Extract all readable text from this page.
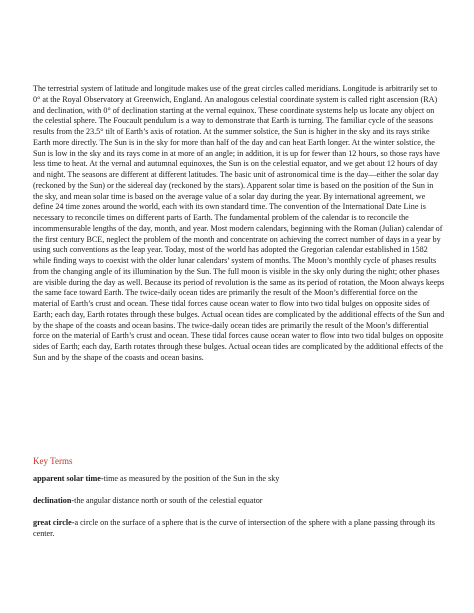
The terrestrial system of latitude and longitude makes use of the great circles called meridians. Longitude is arbitrarily set to 0° at the Royal Observatory at Greenwich, England. An analogous celestial coordinate system is called right ascension (RA) and declination, with 0° of declination starting at the vernal equinox. These coordinate systems help us locate any object on the celestial sphere. The Foucault pendulum is a way to demonstrate that Earth is turning. The familiar cycle of the seasons results from the 23.5° tilt of Earth’s axis of rotation. At the summer solstice, the Sun is higher in the sky and its rays strike Earth more directly. The Sun is in the sky for more than half of the day and can heat Earth longer. At the winter solstice, the Sun is low in the sky and its rays come in at more of an angle; in addition, it is up for fewer than 12 hours, so those rays have less time to heat. At the vernal and autumnal equinoxes, the Sun is on the celestial equator, and we get about 12 hours of day and night. The seasons are different at different latitudes. The basic unit of astronomical time is the day—either the solar day (reckoned by the Sun) or the sidereal day (reckoned by the stars). Apparent solar time is based on the position of the Sun in the sky, and mean solar time is based on the average value of a solar day during the year. By international agreement, we define 24 time zones around the world, each with its own standard time. The convention of the International Date Line is necessary to reconcile times on different parts of Earth. The fundamental problem of the calendar is to reconcile the incommensurable lengths of the day, month, and year. Most modern calendars, beginning with the Roman (Julian) calendar of the first century BCE, neglect the problem of the month and concentrate on achieving the correct number of days in a year by using such conventions as the leap year. Today, most of the world has adopted the Gregorian calendar established in 1582 while finding ways to coexist with the older lunar calendars’ system of months. The Moon’s monthly cycle of phases results from the changing angle of its illumination by the Sun. The full moon is visible in the sky only during the night; other phases are visible during the day as well. Because its period of revolution is the same as its period of rotation, the Moon always keeps the same face toward Earth. The twice-daily ocean tides are primarily the result of the Moon’s differential force on the material of Earth’s crust and ocean. These tidal forces cause ocean water to flow into two tidal bulges on opposite sides of Earth; each day, Earth rotates through these bulges. Actual ocean tides are complicated by the additional effects of the Sun and by the shape of the coasts and ocean basins. The twice-daily ocean tides are primarily the result of the Moon’s differential force on the material of Earth’s crust and ocean. These tidal forces cause ocean water to flow into two tidal bulges on opposite sides of Earth; each day, Earth rotates through these bulges. Actual ocean tides are complicated by the additional effects of the Sun and by the shape of the coasts and ocean basins.

Key Terms

apparent solar time-time as measured by the position of the Sun in the sky

declination-the angular distance north or south of the celestial equator

great circle-a circle on the surface of a sphere that is the curve of intersection of the sphere with a plane passing through its center.
